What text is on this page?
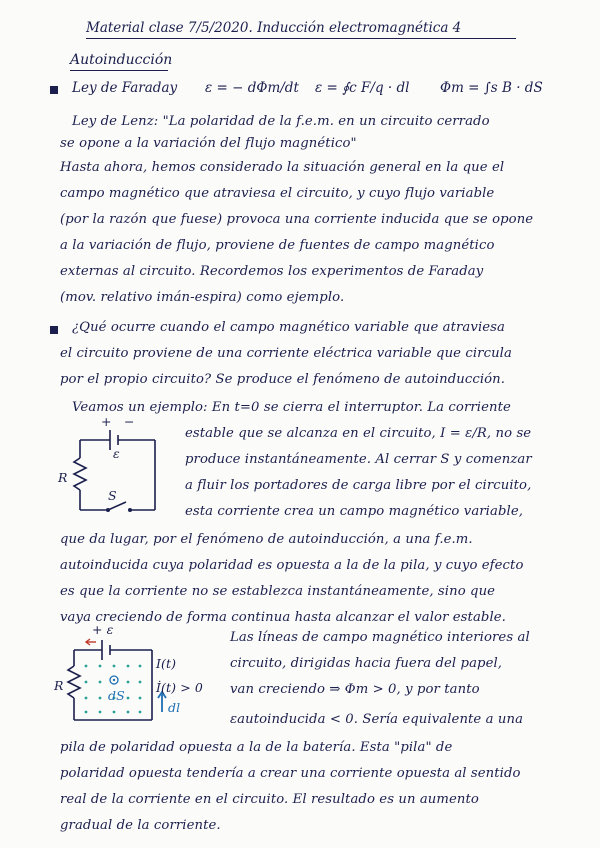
Material clase 7/5/2020. Inducción electromagnética 4
Autoinducción
Ley de Faraday ε = − dΦm/dt ε = ∮c F/q · dl Φm = ∫s B · dS
Ley de Lenz: "La polaridad de la f.e.m. en un circuito cerrado
se opone a la variación del flujo magnético"
Hasta ahora, hemos considerado la situación general en la que el
campo magnético que atraviesa el circuito, y cuyo flujo variable
(por la razón que fuese) provoca una corriente inducida que se opone
a la variación de flujo, proviene de fuentes de campo magnético
externas al circuito. Recordemos los experimentos de Faraday
(mov. relativo imán-espira) como ejemplo.
¿Qué ocurre cuando el campo magnético variable que atraviesa
el circuito proviene de una corriente eléctrica variable que circula
por el propio circuito? Se produce el fenómeno de autoinducción.
Veamos un ejemplo: En t=0 se cierra el interruptor. La corriente
estable que se alcanza en el circuito, I = ε/R, no se
produce instantáneamente. Al cerrar S y comenzar
a fluir los portadores de carga libre por el circuito,
esta corriente crea un campo magnético variable,
que da lugar, por el fenómeno de autoinducción, a una f.e.m.
autoinducida cuya polaridad es opuesta a la de la pila, y cuyo efecto
es que la corriente no se establezca instantáneamente, sino que
vaya creciendo de forma continua hasta alcanzar el valor estable.
+ −
ε
R
S
+ ε
R
dS
I(t)
İ(t) > 0
dl
Las líneas de campo magnético interiores al
circuito, dirigidas hacia fuera del papel,
van creciendo ⇒ Φm > 0, y por tanto
εautoinducida < 0. Sería equivalente a una
pila de polaridad opuesta a la de la batería. Esta "pila" de
polaridad opuesta tendería a crear una corriente opuesta al sentido
real de la corriente en el circuito. El resultado es un aumento
gradual de la corriente.
